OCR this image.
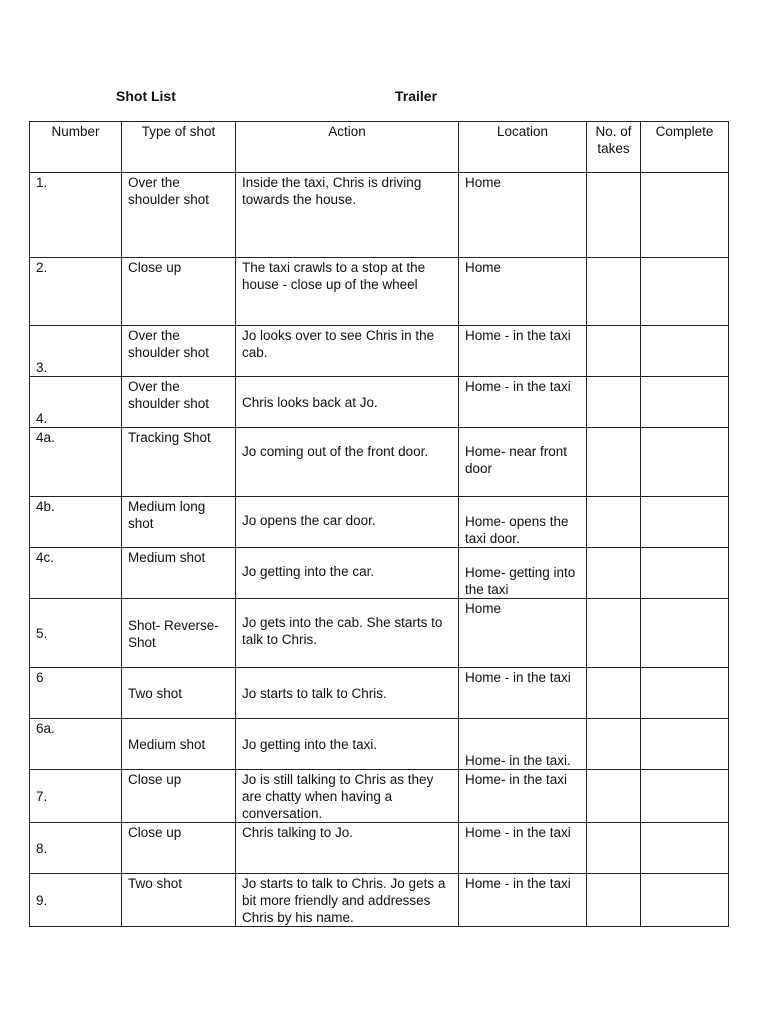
Shot List	Trailer
Number	Type of shot	Action	Location	No. of takes	Complete
1.	Over the shoulder shot	Inside the taxi, Chris is driving towards the house.	Home		
2.	Close up	The taxi crawls to a stop at the house - close up of the wheel	Home		
3.	Over the shoulder shot	Jo looks over to see Chris in the cab.	Home - in the taxi		
4.	Over the shoulder shot	Chris looks back at Jo.	Home - in the taxi		
4a.	Tracking Shot	Jo coming out of the front door.	Home- near front door		
4b.	Medium long shot	Jo opens the car door.	Home- opens the taxi door.		
4c.	Medium shot	Jo getting into the car.	Home- getting into the taxi		
5.	Shot- Reverse- Shot	Jo gets into the cab. She starts to talk to Chris.	Home		
6	Two shot	Jo starts to talk to Chris.	Home - in the taxi		
6a.	Medium shot	Jo getting into the taxi.	Home- in the taxi.		
7.	Close up	Jo is still talking to Chris as they are chatty when having a conversation.	Home- in the taxi		
8.	Close up	Chris talking to Jo.	Home - in the taxi		
9.	Two shot	Jo starts to talk to Chris. Jo gets a bit more friendly and addresses Chris by his name.	Home - in the taxi		
